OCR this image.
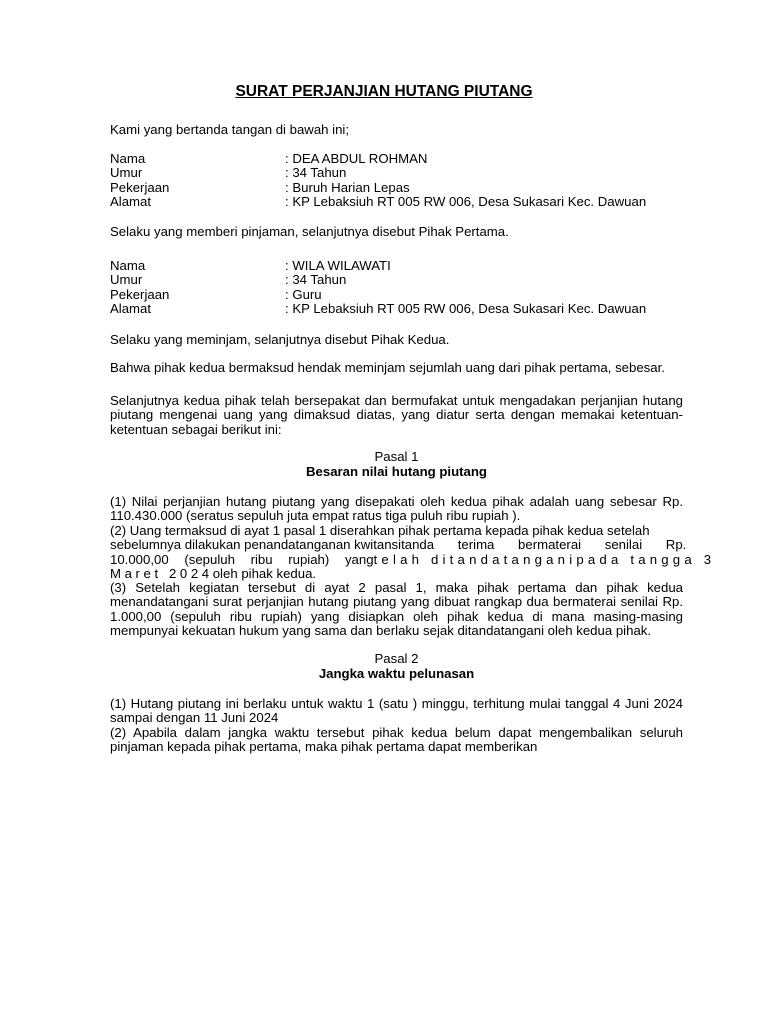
SURAT PERJANJIAN HUTANG PIUTANG
Kami yang bertanda tangan di bawah ini;
Nama	: DEA ABDUL ROHMAN
Umur	: 34 Tahun
Pekerjaan	: Buruh Harian Lepas
Alamat	: KP Lebaksiuh RT 005 RW 006, Desa Sukasari Kec. Dawuan
Selaku yang memberi pinjaman, selanjutnya disebut Pihak Pertama.
Nama	: WILA WILAWATI
Umur	: 34 Tahun
Pekerjaan	: Guru
Alamat	: KP Lebaksiuh RT 005 RW 006, Desa Sukasari Kec. Dawuan
Selaku yang meminjam, selanjutnya disebut Pihak Kedua.
Bahwa pihak kedua bermaksud hendak meminjam sejumlah uang dari pihak pertama, sebesar.
Selanjutnya kedua pihak telah bersepakat dan bermufakat untuk mengadakan perjanjian hutang piutang mengenai uang yang dimaksud diatas, yang diatur serta dengan memakai ketentuan-ketentuan sebagai berikut ini:
Pasal 1
Besaran nilai hutang piutang
(1) Nilai perjanjian hutang piutang yang disepakati oleh kedua pihak adalah uang sebesar Rp. 110.430.000 (seratus sepuluh juta empat ratus tiga puluh ribu rupiah ).
(2) Uang termaksud di ayat 1 pasal 1 diserahkan pihak pertama kepada pihak kedua setelah
sebelumnya dilakukan penandatanganan kwitansi tanda terima bermaterai senilai Rp.
10.000,00 (sepuluh ribu rupiah) yang telah ditandatanganipada tangga 3
Maret 2024 oleh pihak kedua.
(3) Setelah kegiatan tersebut di ayat 2 pasal 1, maka pihak pertama dan pihak kedua menandatangani surat perjanjian hutang piutang yang dibuat rangkap dua bermaterai senilai Rp. 1.000,00 (sepuluh ribu rupiah) yang disiapkan oleh pihak kedua di mana masing-masing mempunyai kekuatan hukum yang sama dan berlaku sejak ditandatangani oleh kedua pihak.
Pasal 2
Jangka waktu pelunasan
(1) Hutang piutang ini berlaku untuk waktu 1 (satu ) minggu, terhitung mulai tanggal 4 Juni 2024 sampai dengan 11 Juni 2024
(2) Apabila dalam jangka waktu tersebut pihak kedua belum dapat mengembalikan seluruh pinjaman kepada pihak pertama, maka pihak pertama dapat memberikan
